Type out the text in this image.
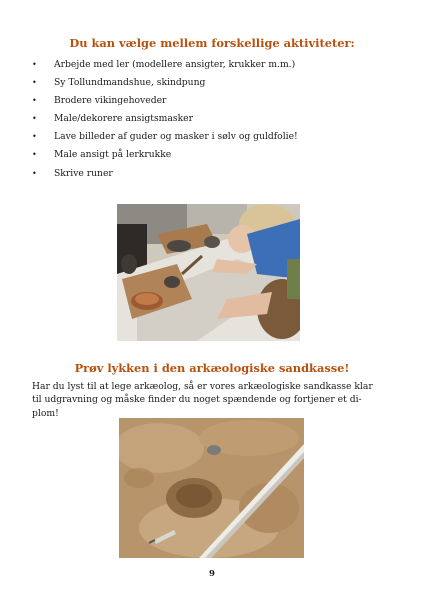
Du kan vælge mellem forskellige aktiviteter:
• Arbejde med ler (modellere ansigter, krukker m.m.)
• Sy Tollundmandshue, skindpung
• Brodere vikingehoveder
• Male/dekorere ansigtsmasker
• Lave billeder af guder og masker i sølv og guldfolie!
• Male ansigt på lerkrukke
• Skrive runer
Prøv lykken i den arkæologiske sandkasse!

Har du lyst til at lege arkæolog, så er vores arkæologiske sandkasse klar
til udgravning og måske finder du noget spændende og fortjener et di-
plom!

9
